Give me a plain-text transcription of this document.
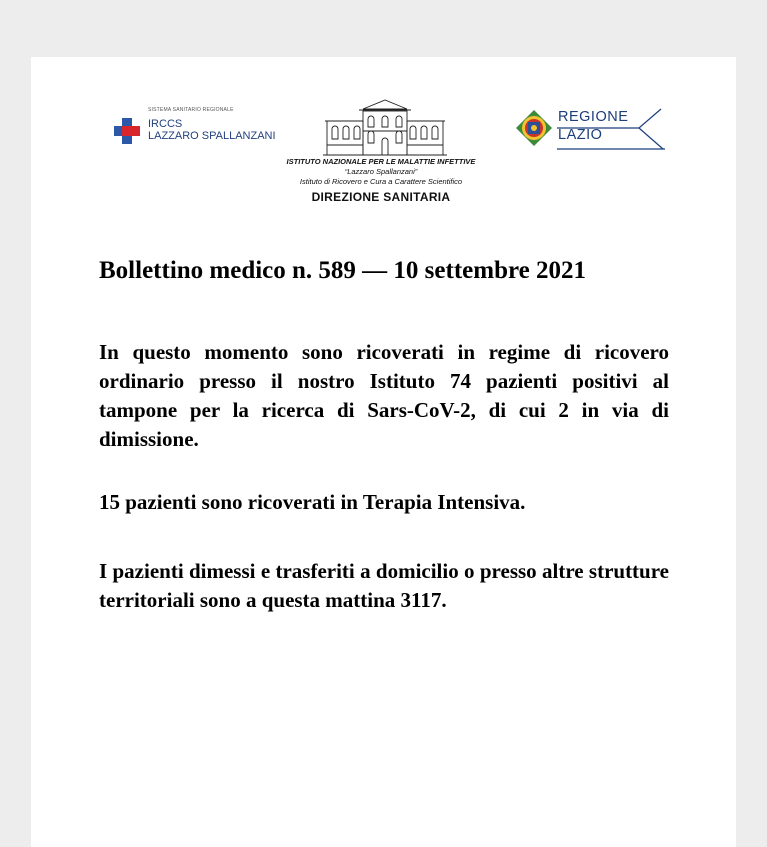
SISTEMA SANITARIO REGIONALE
IRCCS
LAZZARO SPALLANZANI
ISTITUTO NAZIONALE PER LE MALATTIE INFETTIVE
“Lazzaro Spallanzani”
Istituto di Ricovero e Cura a Carattere Scientifico
DIREZIONE SANITARIA
REGIONE
LAZIO
Bollettino medico n. 589 — 10 settembre 2021
In questo momento sono ricoverati in regime di ricovero ordinario presso il nostro Istituto 74 pazienti positivi al tampone per la ricerca di Sars-CoV-2, di cui 2 in via di dimissione.
15 pazienti sono ricoverati in Terapia Intensiva.
I pazienti dimessi e trasferiti a domicilio o presso altre strutture territoriali sono a questa mattina 3117.
